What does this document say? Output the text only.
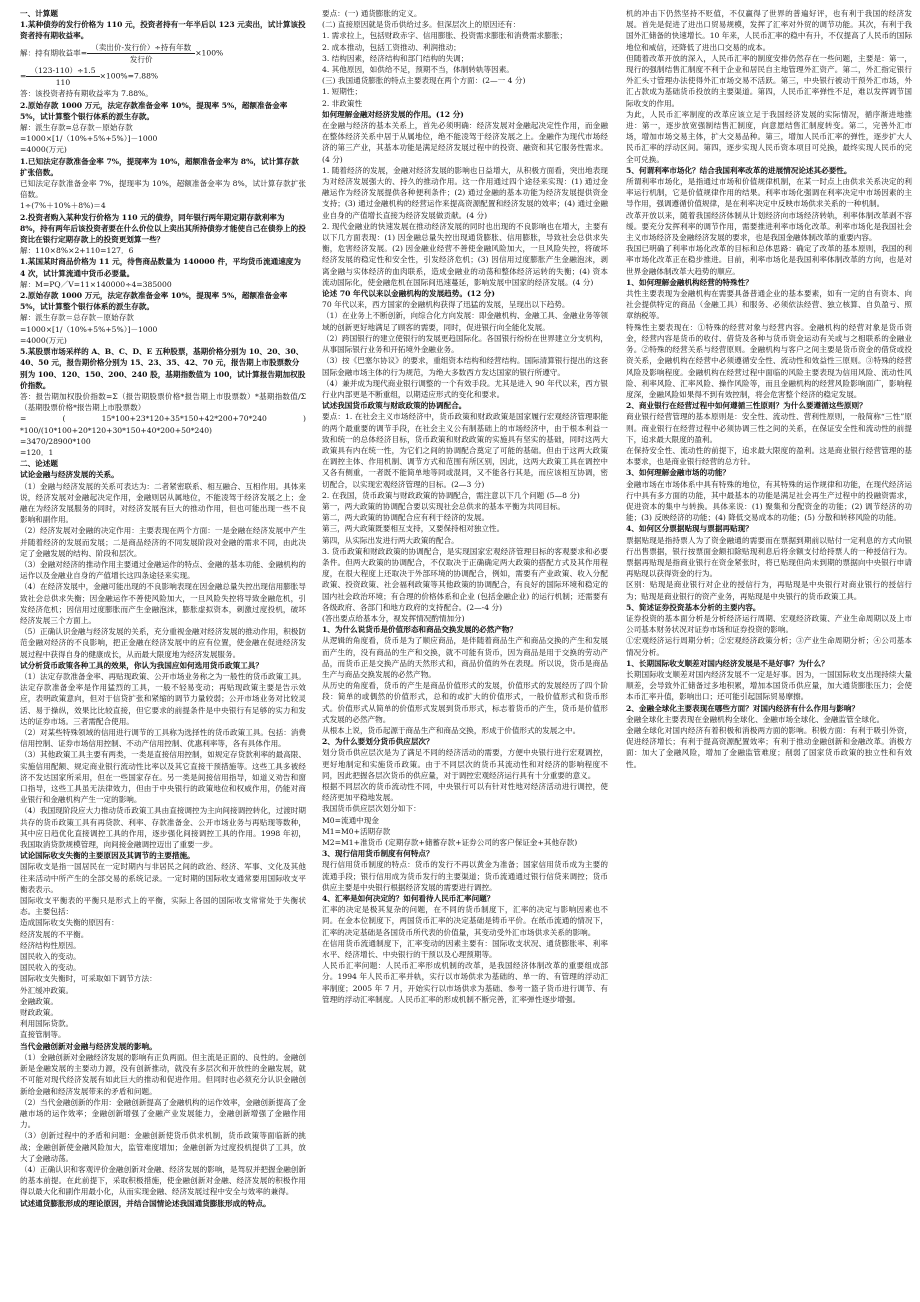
一、计算题

1.某种债券的发行价格为 110 元，投资者持有一年半后以 123 元卖出，试计算该投资者持有期收益率。

解：持有期收益率= $\frac{\text{（卖出价-发行价）÷持有年数}}{\text{发行价}} \times 100\%$

= $\frac{(123-110)\div 1.5}{110} \times 100\%=7.88\%$

答：该投资者持有期收益率为 7.88%。

2.原始存款 1000 万元，法定存款准备金率 10%，提现率 5%，超额准备金率 5%，试计算整个银行体系的派生存款。

解：派生存款=总存款－原始存款

=1000×[1/（10%+5%+5%）]－1000

=4000(万元)

1.已知法定存款准备金率 7%，提现率为 10%，超额准备金率为 8%，试计算存款扩张倍数。

已知法定存款准备金率 7%，提现率为 10%，超额准备金率为 8%，试计算存款扩张倍数。

1÷(7%＋10%＋8%)＝4

2.投资者购入某种发行价格为 110 元的债券，同年银行两年期定期存款利率为 8%，持有两年后该投资者要在什么价位以上卖出其所持债券才能使自己在债券上的投资比在银行定期存款上的投资更划算一些？

解：110×8%×2+110=127．6

1.某国某时商品价格为 11 元，待售商品数量为 140000 件，平均货币流通速度为 4 次，试计算流通中货币必要量。

解：M=PQ／V=11×140000÷4=385000

2.原始存款 1000 万元，法定存款准备金率 10%，提现率 5%，超额准备金率 5%，试计算整个银行体系的派生存款。

解：派生存款＝总存款－原始存款

=1000×[1/（10%+5%+5%）]－1000

=4000(万元)

5.某股票市场采样的 A、B、C、D、E 五种股票，基期价格分别为 10、20、30、40、50 元，报告期价格分别为 15、23、35、42、70 元，报告期上市股票数分别为 100、120、150、200、240 股，基期指数值为 100，试计算报告期加权股价指数。

答：报告期加权股价指数=Σ（报告期股票价格*报告期上市股票数）*基期指数值/Σ（基期股票价格*报告期上市股票数）

=　(　15*100+23*120+35*150+42*200+70*240　)　*100/(10*100+20*120+30*150+40*200+50*240)

=3470/28900*100

=120．1

二、论述题

试论金融与经济发展的关系。

（1）金融与经济发展的关系可表达为：二者紧密联系、相互融合、互相作用。具体来说，经济发展对金融起决定作用，金融则居从属地位，不能凌驾于经济发展之上；金融在为经济发展服务的同时，对经济发展有巨大的推动作用，但也可能出现一些不良影响和副作用。

（2）经济发展对金融的决定作用：主要表现在两个方面：一是金融在经济发展中产生并随着经济的发展而发展；二是商品经济的不同发展阶段对金融的需求不同，由此决定了金融发展的结构、阶段和层次。

（3）金融对经济的推动作用主要通过金融运作的特点、金融的基本功能、金融机构的运作以及金融业自身的产值增长这四条途径来实现。

（4）在经济发展中，金融可能出现的不良影响表现在因金融总量失控出现信用膨胀导致社会总供求失衡；因金融运作不善使风险加大，一旦风险失控将导致金融危机，引发经济危机；因信用过度膨胀而产生金融泡沫，膨胀虚拟资本，刺激过度投机，破坏经济发展三个方面上。

（5）正确认识金融与经济发展的关系，充分重视金融对经济发展的推动作用，积极防范金融对经济的不良影响，把正金融在经济发展中的应有位置，使金融在促进经济发展过程中获得自身的健康成长，从而最大限度地为经济发展服务。

试分析货币政策各种工具的效果，你认为我国应如何选用货币政策工具？

（1）法定存款准备金率、再贴现政策、公开市场业务称之为一般性的货币政策工具。法定存款准备金率是作用猛烈的工具，一般不轻易变动；再贴现政策主要是告示效应，表明政策意向，但对于信贷扩张和紧缩的调节力量较弱；公开市场业务对比较灵活、易于操纵，效果比比较直接，但它要求的前提条件是中央银行有足够的实力和发达的证券市场。三者需配合使用。

（2）对某些特殊领域的信用进行调节的工具称为选择性的货币政策工具。包括：消费信用控制、证券市场信用控制、不动产信用控制、优惠利率等，各有具体作用。

（3）其他政策工具主要有两类，一类是直接信用控制，如规定存贷款利率的最高限、实施信用配额、规定商业银行流动性比率以及其它直接干预措施等。这些工具多被经济不发达国家所采用，但在一些国家存在。另一类是间接信用指导，如道义劝告和窗口指导，这些工具虽无法律效力，但由于中央银行的政策地位和权威作用，仍能对商业银行和金融机构产生一定的影响。

（4）我国现阶段应大力推动货币政策工具由直接调控为主向间接调控转化，过渡时期共存的货币政策工具有再贷款、利率、存款准备金、公开市场业务与再贴现等数种，其中应日趋优化直接调控工具的作用，逐步强化间接调控工具的作用。1998 年初，我国取消贷款规模管理，向间接金融调控迈出了重要一步。

试论国际收支失衡的主要原因及其调节的主要措施。

国际收支是指一国居民在一定时期内与非居民之间的政治、经济、军事、文化及其他往来活动中所产生的全部交易的系统记录。一定时期的国际收支通常要用国际收支平衡表表示。

国际收支平衡表的平衡只是形式上的平衡，实际上各国的国际收支常常处于失衡状态。主要包括：

造成国际收支失衡的原因有：

经济发展的不平衡。

经济结构性原因。

国民收入的变动。

国民收入的变动。

国际收支失衡时，可采取如下调节方法：

外汇缓冲政策。

金融政策。

财政政策。

利用国际贷款。

直接管制等。

当代金融创新对金融与经济发展的影响。

（1）金融创新对金融经济发展的影响有正负两面。但主流是正面的、良性的。金融创新是金融发展的主要动力源，没有创新推动，就没有多层次和开放性的金融发展，就不可能对现代经济发展有如此巨大的推动和促进作用。但同时也必须充分认识金融创新给金融和经济发展带来的矛盾和问题。

（2）当代金融创新的作用：金融创新提高了金融机构的运作效率，金融创新提高了金融市场的运作效率；金融创新增强了金融产业发展能力，金融创新增强了金融作用力。

（3）创新过程中的矛盾和问题：金融创新使货币供求机制，货币政策等面临新的挑战；金融创新使金融风险加大，监管难度增加；金融创新为过度投机提供了工具，放大了金融动荡。

（4）正确认识和客观评价金融创新对金融、经济发展的影响，是驾驭并把握金融创新的基本前提。在此前提下，采取积极措施，使金融创新对金融、经济发展的积极作用得以最大化和副作用最小化，从而实现金融、经济发展过程中安全与效率的兼得。

试述通货膨胀形成的理论原因，并结合国情论述我国通货膨胀形成的特点。

要点：(一) 通货膨胀的定义。

(二) 直接原因就是货币供给过多。但深层次上的原因还有：

1. 需求拉上，包括财政赤字、信用膨胀、投资需求膨胀和消费需求膨胀；

2. 成本推动，包括工资推动、利润推动；

3. 结构因素，经济结构和部门结构的失调；

4. 其他原因，如供给不足，预期不当，体制转轨等因素。

(三) 我国通货膨胀的特点主要表现在两个方面：(2—一 4 分)

1. 短期性；

2. 非政策性

如何理解金融对经济发展的作用。(12 分)

在金融与经济的基本关系上，首先必须明确：经济发展对金融起决定性作用，而金融在整体经济关系中居于从属地位，绝不能凌驾于经济发展之上。金融作为现代市场经济的第三产业，其基本功能是满足经济发展过程中的投资、融资和其它服务性需求。(4 分)

1. 随着经济的发展，金融对经济发展的影响也日益增大，从积极方面看，突出地表现为对经济发展强大的、持久的推动作用。这一作用通过四个途径来实现：(1) 通过金融运作为经济发展提供各种便利条件；(2) 通过金融的基本功能为经济发展提供资金支持；(3) 通过金融机构的经营运作来提高资源配置和经济发展的效率；(4) 通过金融业自身的产值增长直接为经济发展做贡献。(4 分)

2. 现代金融业的快速发展在推动经济发展的同时也出现的不良影响也在增大，主要有以下几方面表现：(1) 因金融总量失控出现通货膨胀、信用膨胀，导致社会总供求失衡，危害经济发展。(2) 因金融业经营不善使金融风险加大，一旦风险失控，将破坏经济发展的稳定性和安全性，引发经济危机；(3) 因信用过度膨胀产生金融泡沫，剥离金融与实体经济的血肉联系，造成金融业的动荡和整体经济运转的失衡；(4) 资本流动国际化，使金融危机在国际间迅速蔓延，影响发展中国家的经济发展。(4 分)

论述 70 年代以来以金融机构的发展趋势。(12 分)

70 年代以来，西方国家的金融机构获得了迅猛的发展，呈现出以下趋势。

（1）在业务上不断创新，向综合化方向发展：即金融机构、金融工具、金融业务等领域的创新更好地满足了顾客的需要，同时，促进银行向全能化发展。

（2）跨国银行的建立使银行的发展更趋国际化。各国银行纷纷在世界建立分支机构，从事国际银行业务和开拓境外金融业务。

（3）按《巴塞尔协议》的要求，重组资本结构和经营结构。国际清算银行提出的这套国际金融市场主体的行为规范，为绝大多数西方发达国家的银行所遵守。

（4）兼并成为现代商业银行调整的一个有效手段。尤其是进入 90 年代以来，西方银行业内部更是不断重组，以期适应形式的变化和要求。

试述我国货币政策与财政政策的协调配合。

要点：1. 在社会主义市场经济中，货币政策和财政政策是国家履行宏观经济管理职能的两个最重要的调节手段，在社会主义公有制基础上的市场经济中，由于根本利益一致和统一的总体经济目标，货币政策和财政政策的实施具有坚实的基础，同时这两大政策具有内在统一性，为它们之间的协调配合奠定了可能的基础。但由于这两大政策在调控主体、作用机制、调节方式和范围有所区别，因此，这两大政策工具在调控中又各有侧重，一者既不能简单地等同或混同，又不能各行其是，而应该相互协调，密切配合，以实现宏观经济管理的目标。(2—3 分)

2. 在我国，货币政策与财政政策的协调配合，需注意以下几个问题 (5—8 分)

第一，两大政策的协调配合要以实现社会总供求的基本平衡为共同目标。

第二，两大政策的协调配合应有利于经济的发展。

第三，两大政策既要相互支持，又要保持相对独立性。

第四，从实际出发进行两大政策的配合。

3. 货币政策和财政政策的协调配合，是实现国家宏观经济管理目标的客观要求和必要条件。但两大政策的协调配合，不仅取决于正确确定两大政策的搭配方式及其作用程度，在很大程度上还取决于外部环境的协调配合，例如，需要有产业政策、收入分配政策、投资政策、社会福利政策等其他政策的协调配合，有良好的国际环境和稳定的国内社会政治环境；有合理的价格体系和企业 (包括金融企业) 的运行机制；还需要有各级政府、各部门和地方政府的支持配合。(2—-4 分)

(答出要点给基本分，视发挥情况酌情加分)

1、为什么说货币是价值形态和商品交换发展的必然产物？

从逻辑的角度看，货币是为了顺应商品，是伴随着商品生产和商品交换的产生和发展而产生的，没有商品的生产和交换，就不可能有货币，因为商品是用于交换的劳动产品，而货币正是交换产品的天然形式和，商品价值的外在表现。所以说，货币是商品生产与商品交换发展的必然产物。

从历史的角度看，货币的产生是商品价值形式的发展，价值形式的发展经历了四个阶段：简单的或偶然的价值形式，总和的或扩大的价值形式，一般价值形式和货币形式。价值形式从简单的价值形式发展到货币形式，标志着货币的产生，货币是价值形式发展的必然产物。

从根本上说，货币起源于商品生产和商品交换，形成于价值形式的发展之中。

2、为什么要划分货币供应层次？

划分货币供应层次是为了满足不同的经济活动的需要，方便中央银行进行宏观调控，更好地制定和实施货币政策。由于不同层次的货币其流动性和对经济的影响程度不同，因此把握各层次货币的供应量，对于调控宏观经济运行具有十分重要的意义。

根据不同层次的货币流动性不同，中央银行可以有针对性地对经济活动进行调控，使经济更加平稳地发展。

我国货币供应层次划分如下：

M0=流通中现金

M1=M0+活期存款

M2=M1+准货币 (定期存款+储蓄存款+证券公司的客户保证金+其他存款)

3、现行信用货币制度有何特点？

现行信用货币制度的特点：货币的发行不再以黄金为准备；国家信用货币成为主要的流通手段；银行信用成为货币发行的主要渠道；货币流通通过银行信贷来调控；货币供应主要是中央银行根据经济发展的需要进行调控。

4、汇率是如何决定的？如何看待人民币汇率问题？

汇率的决定是极其复杂的问题，在不同的货币制度下，汇率的决定与影响因素也不同。在金本位制度下，两国货币汇率的决定基础是铸币平价。在纸币流通的情况下，汇率的决定基础是各国货币所代表的价值量，其变动受外汇市场供求关系的影响。

在信用货币流通制度下，汇率变动的因素主要有：国际收支状况、通货膨胀率、利率水平、经济增长、中央银行的干预以及心理预期等。

人民币汇率问题：人民币汇率形成机制的改革，是我国经济体制改革的重要组成部分。1994 年人民币汇率并轨，实行以市场供求为基础的、单一的、有管理的浮动汇率制度；2005 年 7 月，开始实行以市场供求为基础、参考一篮子货币进行调节、有管理的浮动汇率制度。人民币汇率的形成机制不断完善，汇率弹性逐步增强。

机的冲击下仍然坚持不贬值，不仅赢得了世界的普遍好评，也有利于我国的经济发展。首先是促进了进出口贸易规模，发挥了汇率对外贸的调节功能。其次，有利于我国外汇储备的快速增长。10 年来，人民币汇率的稳中有升，不仅提高了人民币的国际地位和威信，还降低了进出口交易的成本。

但随着改革开放的深入，人民币汇率的制度安排仍然存在一些问题，主要是：第一，现行的强制结售汇制度不利于企业和居民自主地管理外汇资产。第二，外汇指定银行外汇头寸管理办法使得外汇市场交易不活跃。第三，中央银行被动干预外汇市场，外汇占款成为基础货币投放的主要渠道。第四，人民币汇率弹性不足，难以发挥调节国际收支的作用。

为此，人民币汇率制度的改革应该立足于我国经济发展的实际情况，循序渐进地推进：第一，逐步放宽强制结售汇制度，向意愿结售汇制度转变。第二，完善外汇市场，增加市场交易主体，扩大交易品种。第三，增加人民币汇率的弹性，逐步扩大人民币汇率的浮动区间。第四，逐步实现人民币资本项目可兑换，最终实现人民币的完全可兑换。

5、何谓利率市场化？结合我国利率改革的进展情况论述其必要性。

所谓利率市场化，是指通过市场和价值规律机制，在某一时点上由供求关系决定的利率运行机制，它是价值规律作用的结果。利率市场化强调在利率决定中市场因素的主导作用，强调遵循价值规律，是在利率决定中反映市场供求关系的一种机制。

改革开放以来，随着我国经济体制从计划经济向市场经济转轨，利率体制改革剥不容缓。要充分发挥利率的调节作用，需要推进利率市场化改革。利率市场化是我国社会主义市场经济及金融经济发展的要求，也是我国金融体制改革的重要内容。

我国已明确了利率市场化改革的目标和总体思路：确定了改革的基本原则，我国的利率市场化改革正在稳步推进。目前，利率市场化是我国利率体制改革的方向，也是对世界金融体制改革大趋势的顺应。

1、如何理解金融机构经营的特殊性？

共性主要表现为金融机构在需要具备普通企业的基本要素，如有一定的自有资本、向社会提供特定的商品（金融工具）和服务、必须依法经营、独立核算、自负盈亏、照章纳税等。

特殊性主要表现在：①特殊的经营对象与经营内容。金融机构的经营对象是货币资金，经营内容是货币的收付、借贷及各种与货币资金运动有关或与之相联系的金融业务。②特殊的经营关系与经营原则。金融机构与客户之间主要是货币资金的借贷或投资关系，金融机构在经营中必须遵循安全性、流动性和效益性三原则。③特殊的经营风险及影响程度。金融机构在经营过程中面临的风险主要表现为信用风险、流动性风险、利率风险、汇率风险、操作风险等，而且金融机构的经营风险影响面广，影响程度深，金融风险如果得不到有效控制，将会危害整个经济的稳定发展。

2、商业银行在经营过程中如何遵循三性原则？为什么要遵循这些原则？

商业银行经营管理的基本原则是：安全性、流动性、营利性原则，一般简称“三性”原则。商业银行在经营过程中必须协调三性之间的关系，在保证安全性和流动性的前提下，追求最大限度的盈利。

在保持安全性、流动性的前提下，追求最大限度的盈利。这是商业银行经营管理的基本要求，也是商业银行经营的总方针。

3、如何理解金融市场的功能？

金融市场在市场体系中具有特殊的地位，有其特殊的运作规律和功能，在现代经济运行中具有多方面的功能，其中最基本的功能是满足社会再生产过程中的投融资需求，促进资本的集中与转换。具体来说：(1) 聚集和分配资金的功能；(2) 调节经济的功能；(3) 反映经济的功能；(4) 降低交易成本的功能；(5) 分散和转移风险的功能。

4、如何区分票据贴现与票据再贴现？

票据贴现是指持票人为了资金融通的需要而在票据到期前以贴付一定利息的方式向银行出售票据，银行按票面金额扣除贴现利息后将余额支付给持票人的一种授信行为。票据再贴现是指商业银行在资金紧张时，将已贴现但尚未到期的票据向中央银行申请再贴现以获得资金的行为。

区别：贴现是商业银行对企业的授信行为，再贴现是中央银行对商业银行的授信行为；贴现是商业银行的资产业务，再贴现是中央银行的货币政策工具。

5、简述证券投资基本分析的主要内容。

证券投资的基本面分析是分析经济运行周期、宏观经济政策、产业生命周期以及上市公司基本财务状况对证券市场和证券投资的影响。

①宏观经济运行周期分析；②宏观经济政策分析；③产业生命周期分析；④公司基本情况分析。

1、长期国际收支顺差对国内经济发展是不是好事？为什么？

长期国际收支顺差对国内经济发展不一定是好事。因为，一国国际收支出现持续大量顺差，会导致外汇储备过多地积累，增加本国货币供应量，加大通货膨胀压力；会使本币汇率升值，影响出口；还可能引起国际贸易摩擦。

2、金融全球化主要表现在哪些方面？对国内经济有什么作用与影响？

金融全球化主要表现在金融机构全球化、金融市场全球化、金融监管全球化。

金融全球化对国内经济有着积极和消极两方面的影响。积极方面：有利于吸引外资，促进经济增长；有利于提高资源配置效率；有利于推动金融创新和金融改革。消极方面：加大了金融风险，增加了金融监管难度；削弱了国家货币政策的独立性和有效性。
